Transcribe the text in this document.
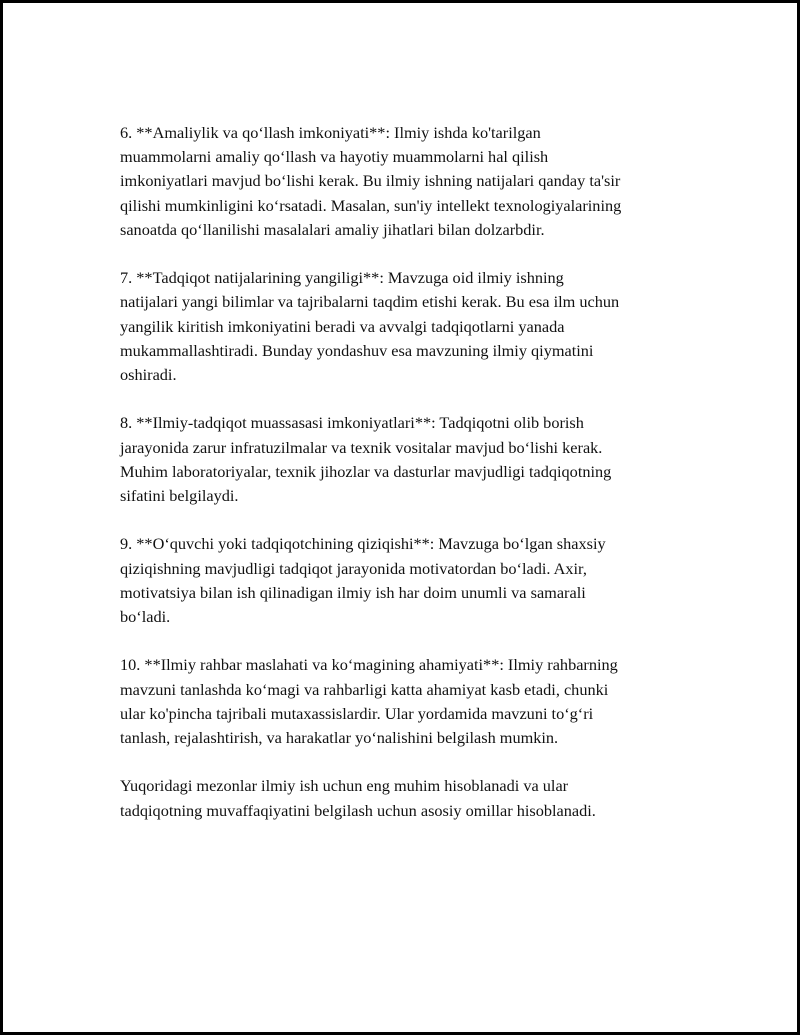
6. **Amaliylik va qo‘llash imkoniyati**: Ilmiy ishda ko'tarilgan
muammolarni amaliy qo‘llash va hayotiy muammolarni hal qilish
imkoniyatlari mavjud bo‘lishi kerak. Bu ilmiy ishning natijalari qanday ta'sir
qilishi mumkinligini ko‘rsatadi. Masalan, sun'iy intellekt texnologiyalarining
sanoatda qo‘llanilishi masalalari amaliy jihatlari bilan dolzarbdir.

7. **Tadqiqot natijalarining yangiligi**: Mavzuga oid ilmiy ishning
natijalari yangi bilimlar va tajribalarni taqdim etishi kerak. Bu esa ilm uchun
yangilik kiritish imkoniyatini beradi va avvalgi tadqiqotlarni yanada
mukammallashtiradi. Bunday yondashuv esa mavzuning ilmiy qiymatini
oshiradi.

8. **Ilmiy-tadqiqot muassasasi imkoniyatlari**: Tadqiqotni olib borish
jarayonida zarur infratuzilmalar va texnik vositalar mavjud bo‘lishi kerak.
Muhim laboratoriyalar, texnik jihozlar va dasturlar mavjudligi tadqiqotning
sifatini belgilaydi.

9. **O‘quvchi yoki tadqiqotchining qiziqishi**: Mavzuga bo‘lgan shaxsiy
qiziqishning mavjudligi tadqiqot jarayonida motivatordan bo‘ladi. Axir,
motivatsiya bilan ish qilinadigan ilmiy ish har doim unumli va samarali
bo‘ladi.

10. **Ilmiy rahbar maslahati va ko‘magining ahamiyati**: Ilmiy rahbarning
mavzuni tanlashda ko‘magi va rahbarligi katta ahamiyat kasb etadi, chunki
ular ko'pincha tajribali mutaxassislardir. Ular yordamida mavzuni to‘g‘ri
tanlash, rejalashtirish, va harakatlar yo‘nalishini belgilash mumkin.

Yuqoridagi mezonlar ilmiy ish uchun eng muhim hisoblanadi va ular
tadqiqotning muvaffaqiyatini belgilash uchun asosiy omillar hisoblanadi.
